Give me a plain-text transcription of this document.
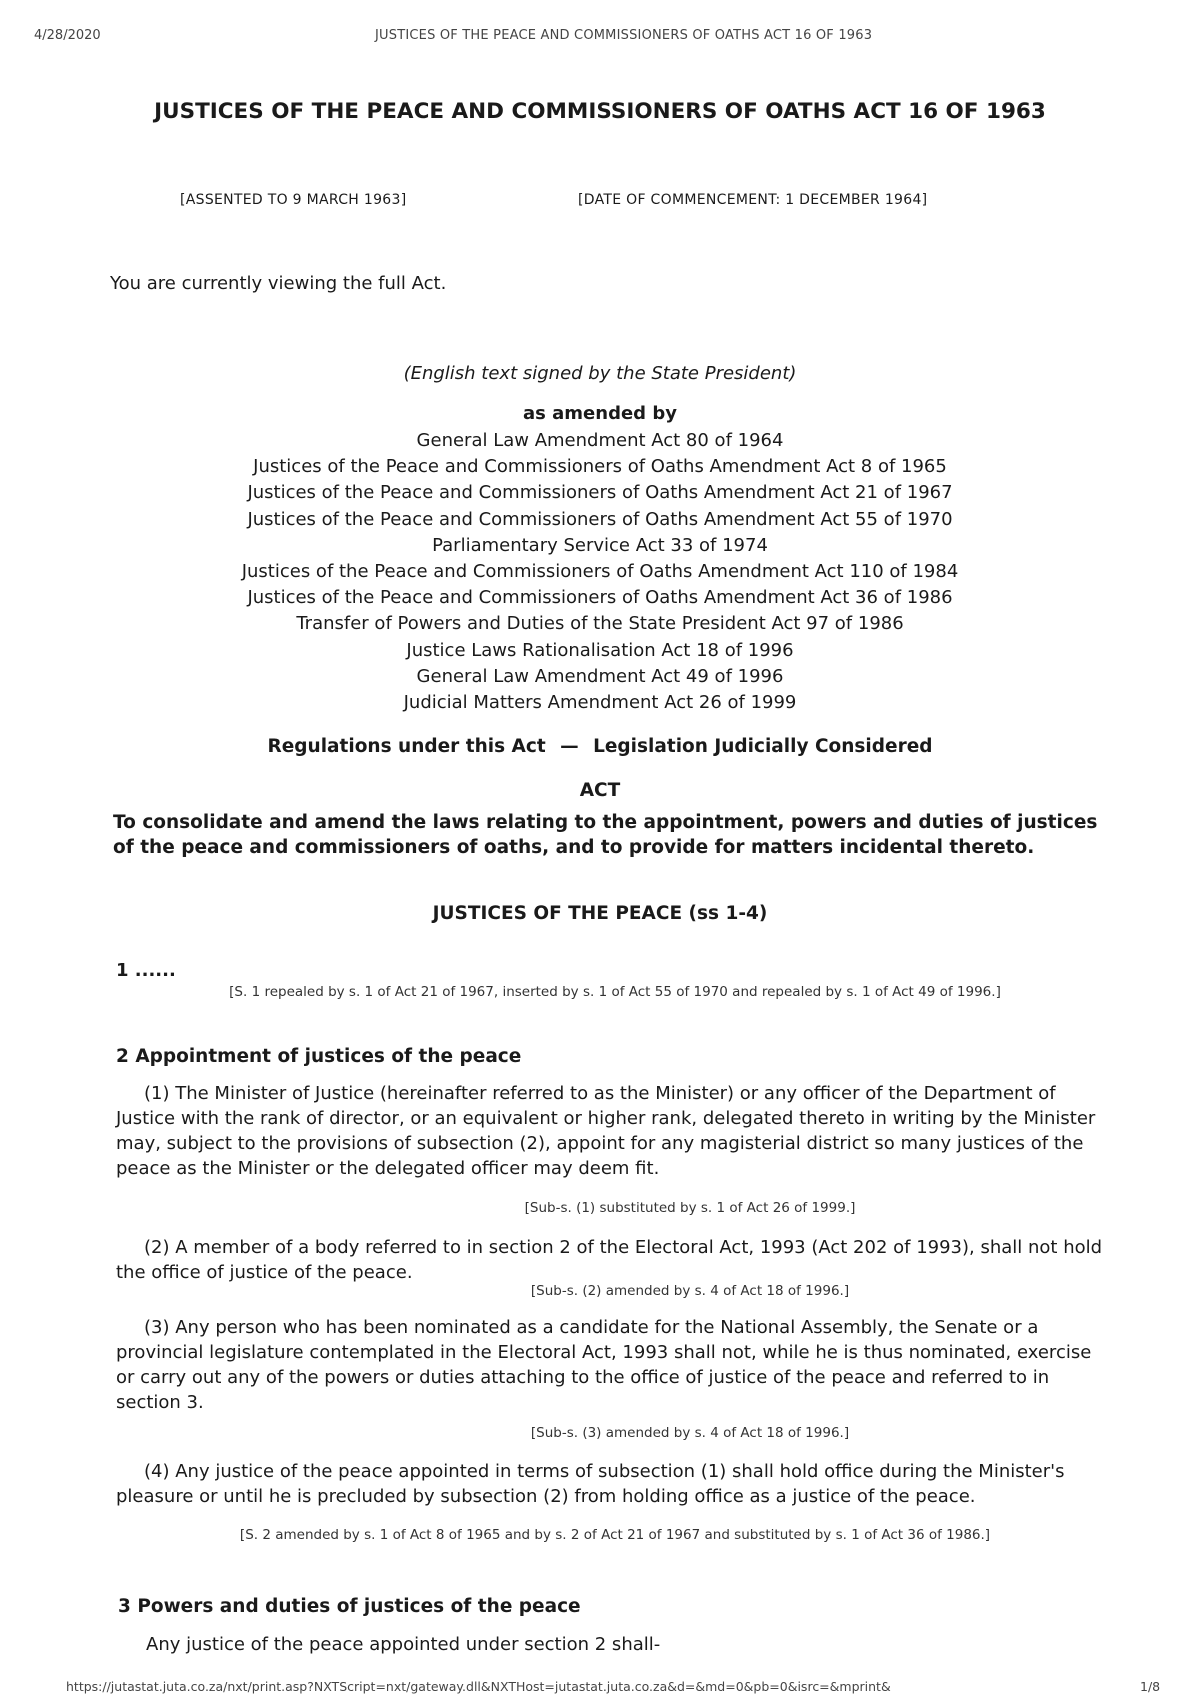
4/28/2020	JUSTICES OF THE PEACE AND COMMISSIONERS OF OATHS ACT 16 OF 1963
JUSTICES OF THE PEACE AND COMMISSIONERS OF OATHS ACT 16 OF 1963
[ASSENTED TO 9 MARCH 1963]	[DATE OF COMMENCEMENT: 1 DECEMBER 1964]
You are currently viewing the full Act.
(English text signed by the State President)
as amended by
General Law Amendment Act 80 of 1964
Justices of the Peace and Commissioners of Oaths Amendment Act 8 of 1965
Justices of the Peace and Commissioners of Oaths Amendment Act 21 of 1967
Justices of the Peace and Commissioners of Oaths Amendment Act 55 of 1970
Parliamentary Service Act 33 of 1974
Justices of the Peace and Commissioners of Oaths Amendment Act 110 of 1984
Justices of the Peace and Commissioners of Oaths Amendment Act 36 of 1986
Transfer of Powers and Duties of the State President Act 97 of 1986
Justice Laws Rationalisation Act 18 of 1996
General Law Amendment Act 49 of 1996
Judicial Matters Amendment Act 26 of 1999
Regulations under this Act — Legislation Judicially Considered
ACT
To consolidate and amend the laws relating to the appointment, powers and duties of justices of the peace and commissioners of oaths, and to provide for matters incidental thereto.
JUSTICES OF THE PEACE (ss 1-4)
1 ......
[S. 1 repealed by s. 1 of Act 21 of 1967, inserted by s. 1 of Act 55 of 1970 and repealed by s. 1 of Act 49 of 1996.]
2 Appointment of justices of the peace
(1) The Minister of Justice (hereinafter referred to as the Minister) or any officer of the Department of Justice with the rank of director, or an equivalent or higher rank, delegated thereto in writing by the Minister may, subject to the provisions of subsection (2), appoint for any magisterial district so many justices of the peace as the Minister or the delegated officer may deem fit.
[Sub-s. (1) substituted by s. 1 of Act 26 of 1999.]
(2) A member of a body referred to in section 2 of the Electoral Act, 1993 (Act 202 of 1993), shall not hold the office of justice of the peace.
[Sub-s. (2) amended by s. 4 of Act 18 of 1996.]
(3) Any person who has been nominated as a candidate for the National Assembly, the Senate or a provincial legislature contemplated in the Electoral Act, 1993 shall not, while he is thus nominated, exercise or carry out any of the powers or duties attaching to the office of justice of the peace and referred to in section 3.
[Sub-s. (3) amended by s. 4 of Act 18 of 1996.]
(4) Any justice of the peace appointed in terms of subsection (1) shall hold office during the Minister's pleasure or until he is precluded by subsection (2) from holding office as a justice of the peace.
[S. 2 amended by s. 1 of Act 8 of 1965 and by s. 2 of Act 21 of 1967 and substituted by s. 1 of Act 36 of 1986.]
3 Powers and duties of justices of the peace
Any justice of the peace appointed under section 2 shall-
https://jutastat.juta.co.za/nxt/print.asp?NXTScript=nxt/gateway.dll&NXTHost=jutastat.juta.co.za&d=&md=0&pb=0&isrc=&mprint&	1/8
